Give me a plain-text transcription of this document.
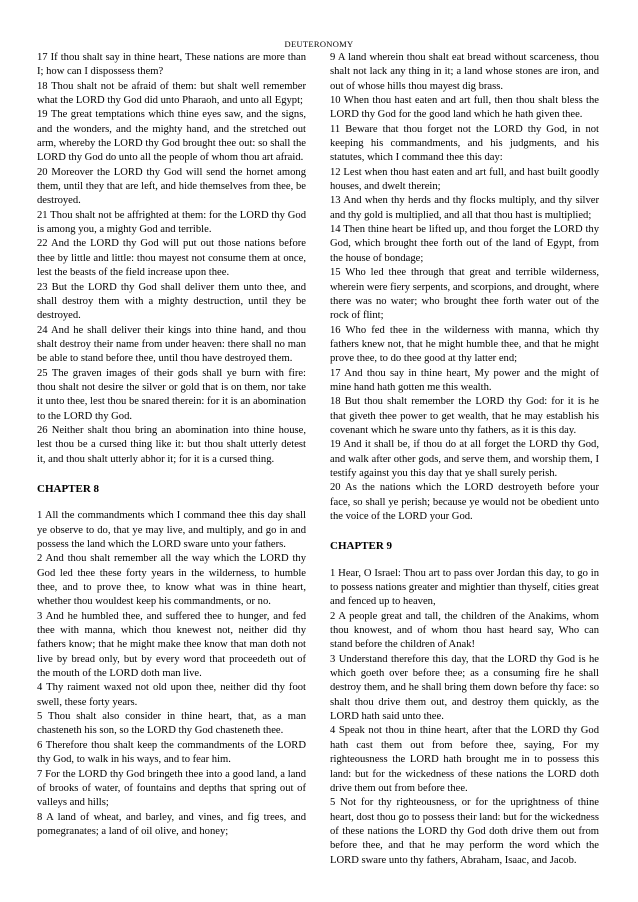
DEUTERONOMY

17 If thou shalt say in thine heart, These nations are more than I; how can I dispossess them?

18 Thou shalt not be afraid of them: but shalt well remember what the LORD thy God did unto Pharaoh, and unto all Egypt;

19 The great temptations which thine eyes saw, and the signs, and the wonders, and the mighty hand, and the stretched out arm, whereby the LORD thy God brought thee out: so shall the LORD thy God do unto all the people of whom thou art afraid.

20 Moreover the LORD thy God will send the hornet among them, until they that are left, and hide themselves from thee, be destroyed.

21 Thou shalt not be affrighted at them: for the LORD thy God is among you, a mighty God and terrible.

22 And the LORD thy God will put out those nations before thee by little and little: thou mayest not consume them at once, lest the beasts of the field increase upon thee.

23 But the LORD thy God shall deliver them unto thee, and shall destroy them with a mighty destruction, until they be destroyed.

24 And he shall deliver their kings into thine hand, and thou shalt destroy their name from under heaven: there shall no man be able to stand before thee, until thou have destroyed them.

25 The graven images of their gods shall ye burn with fire: thou shalt not desire the silver or gold that is on them, nor take it unto thee, lest thou be snared therein: for it is an abomination to the LORD thy God.

26 Neither shalt thou bring an abomination into thine house, lest thou be a cursed thing like it: but thou shalt utterly detest it, and thou shalt utterly abhor it; for it is a cursed thing.

CHAPTER 8

1 All the commandments which I command thee this day shall ye observe to do, that ye may live, and multiply, and go in and possess the land which the LORD sware unto your fathers.

2 And thou shalt remember all the way which the LORD thy God led thee these forty years in the wilderness, to humble thee, and to prove thee, to know what was in thine heart, whether thou wouldest keep his commandments, or no.

3 And he humbled thee, and suffered thee to hunger, and fed thee with manna, which thou knewest not, neither did thy fathers know; that he might make thee know that man doth not live by bread only, but by every word that proceedeth out of the mouth of the LORD doth man live.

4 Thy raiment waxed not old upon thee, neither did thy foot swell, these forty years.

5 Thou shalt also consider in thine heart, that, as a man chasteneth his son, so the LORD thy God chasteneth thee.

6 Therefore thou shalt keep the commandments of the LORD thy God, to walk in his ways, and to fear him.

7 For the LORD thy God bringeth thee into a good land, a land of brooks of water, of fountains and depths that spring out of valleys and hills;

8 A land of wheat, and barley, and vines, and fig trees, and pomegranates; a land of oil olive, and honey;

9 A land wherein thou shalt eat bread without scarceness, thou shalt not lack any thing in it; a land whose stones are iron, and out of whose hills thou mayest dig brass.

10 When thou hast eaten and art full, then thou shalt bless the LORD thy God for the good land which he hath given thee.

11 Beware that thou forget not the LORD thy God, in not keeping his commandments, and his judgments, and his statutes, which I command thee this day:

12 Lest when thou hast eaten and art full, and hast built goodly houses, and dwelt therein;

13 And when thy herds and thy flocks multiply, and thy silver and thy gold is multiplied, and all that thou hast is multiplied;

14 Then thine heart be lifted up, and thou forget the LORD thy God, which brought thee forth out of the land of Egypt, from the house of bondage;

15 Who led thee through that great and terrible wilderness, wherein were fiery serpents, and scorpions, and drought, where there was no water; who brought thee forth water out of the rock of flint;

16 Who fed thee in the wilderness with manna, which thy fathers knew not, that he might humble thee, and that he might prove thee, to do thee good at thy latter end;

17 And thou say in thine heart, My power and the might of mine hand hath gotten me this wealth.

18 But thou shalt remember the LORD thy God: for it is he that giveth thee power to get wealth, that he may establish his covenant which he sware unto thy fathers, as it is this day.

19 And it shall be, if thou do at all forget the LORD thy God, and walk after other gods, and serve them, and worship them, I testify against you this day that ye shall surely perish.

20 As the nations which the LORD destroyeth before your face, so shall ye perish; because ye would not be obedient unto the voice of the LORD your God.

CHAPTER 9

1 Hear, O Israel: Thou art to pass over Jordan this day, to go in to possess nations greater and mightier than thyself, cities great and fenced up to heaven,

2 A people great and tall, the children of the Anakims, whom thou knowest, and of whom thou hast heard say, Who can stand before the children of Anak!

3 Understand therefore this day, that the LORD thy God is he which goeth over before thee; as a consuming fire he shall destroy them, and he shall bring them down before thy face: so shalt thou drive them out, and destroy them quickly, as the LORD hath said unto thee.

4 Speak not thou in thine heart, after that the LORD thy God hath cast them out from before thee, saying, For my righteousness the LORD hath brought me in to possess this land: but for the wickedness of these nations the LORD doth drive them out from before thee.

5 Not for thy righteousness, or for the uprightness of thine heart, dost thou go to possess their land: but for the wickedness of these nations the LORD thy God doth drive them out from before thee, and that he may perform the word which the LORD sware unto thy fathers, Abraham, Isaac, and Jacob.
